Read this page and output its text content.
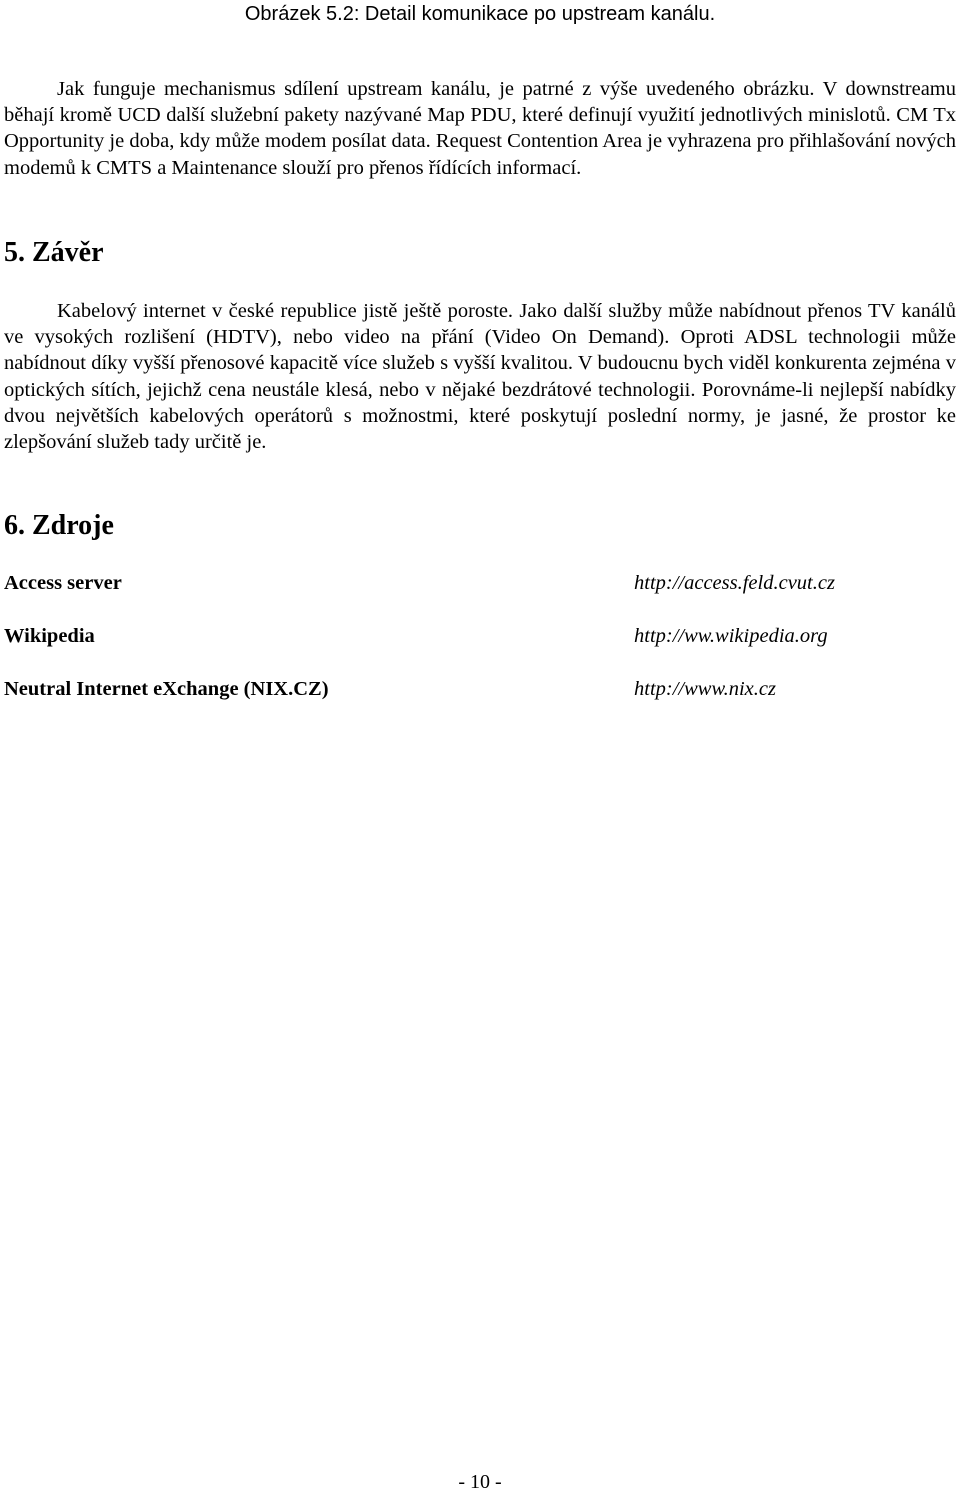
Obrázek 5.2: Detail komunikace po upstream kanálu.

Jak funguje mechanismus sdílení upstream kanálu, je patrné z výše uvedeného obrázku. V downstreamu běhají kromě UCD další služební pakety nazývané Map PDU, které definují využití jednotlivých minislotů. CM Tx Opportunity je doba, kdy může modem posílat data. Request Contention Area je vyhrazena pro přihlašování nových modemů k CMTS a Maintenance slouží pro přenos řídících informací.

5. Závěr

Kabelový internet v české republice jistě ještě poroste. Jako další služby může nabídnout přenos TV kanálů ve vysokých rozlišení (HDTV), nebo video na přání (Video On Demand). Oproti ADSL technologii může nabídnout díky vyšší přenosové kapacitě více služeb s vyšší kvalitou. V budoucnu bych viděl konkurenta zejména v optických sítích, jejichž cena neustále klesá, nebo v nějaké bezdrátové technologii. Porovnáme-li nejlepší nabídky dvou největších kabelových operátorů s možnostmi, které poskytují poslední normy, je jasné, že prostor ke zlepšování služeb tady určitě je.

6. Zdroje
Access server	http://access.feld.cvut.cz
Wikipedia	http://ww.wikipedia.org
Neutral Internet eXchange (NIX.CZ)	http://www.nix.cz
- 10 -
